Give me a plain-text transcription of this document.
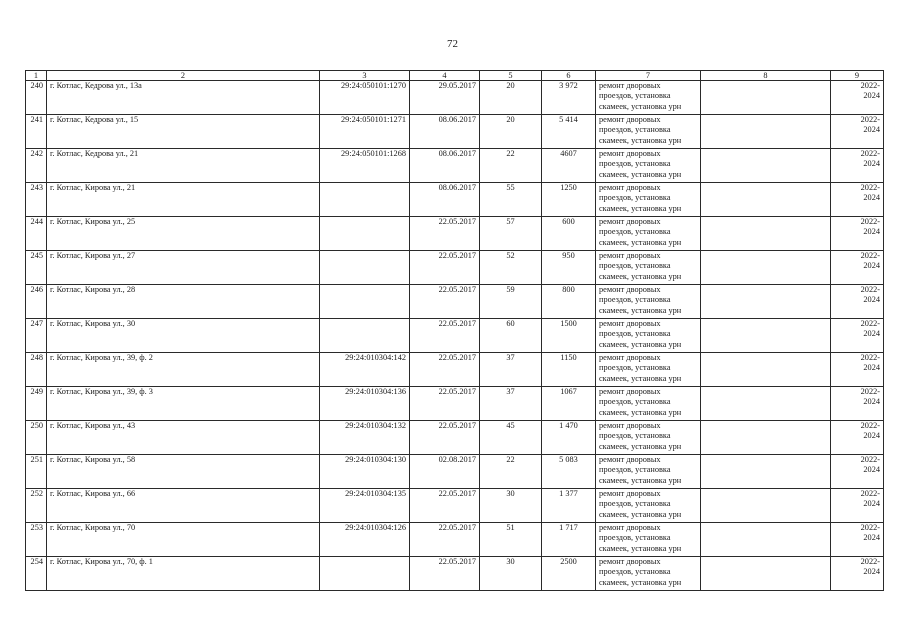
72
1	2	3	4	5	6	7	8	9
240	г. Котлас, Кедрова ул., 13а	29:24:050101:1270	29.05.2017	20	3 972	ремонт дворовых
проездов, установка
скамеек, установка урн		2022-
2024

241	г. Котлас, Кедрова ул., 15	29:24:050101:1271	08.06.2017	20	5 414	ремонт дворовых
проездов, установка
скамеек, установка урн		2022-
2024

242	г. Котлас, Кедрова ул., 21	29:24:050101:1268	08.06.2017	22	4607	ремонт дворовых
проездов, установка
скамеек, установка урн		2022-
2024

243	г. Котлас, Кирова ул., 21		08.06.2017	55	1250	ремонт дворовых
проездов, установка
скамеек, установка урн		2022-
2024

244	г. Котлас, Кирова ул., 25		22.05.2017	57	600	ремонт дворовых
проездов, установка
скамеек, установка урн		2022-
2024

245	г. Котлас, Кирова ул., 27		22.05.2017	52	950	ремонт дворовых
проездов, установка
скамеек, установка урн		2022-
2024

246	г. Котлас, Кирова ул., 28		22.05.2017	59	800	ремонт дворовых
проездов, установка
скамеек, установка урн		2022-
2024

247	г. Котлас, Кирова ул., 30		22.05.2017	60	1500	ремонт дворовых
проездов, установка
скамеек, установка урн		2022-
2024

248	г. Котлас, Кирова ул., 39, ф. 2	29:24:010304:142	22.05.2017	37	1150	ремонт дворовых
проездов, установка
скамеек, установка урн		2022-
2024

249	г. Котлас, Кирова ул., 39, ф. 3	29:24:010304:136	22.05.2017	37	1067	ремонт дворовых
проездов, установка
скамеек, установка урн		2022-
2024

250	г. Котлас, Кирова ул., 43	29:24:010304:132	22.05.2017	45	1 470	ремонт дворовых
проездов, установка
скамеек, установка урн		2022-
2024

251	г. Котлас, Кирова ул., 58	29:24:010304:130	02.08.2017	22	5 083	ремонт дворовых
проездов, установка
скамеек, установка урн		2022-
2024

252	г. Котлас, Кирова ул., 66	29:24:010304:135	22.05.2017	30	1 377	ремонт дворовых
проездов, установка
скамеек, установка урн		2022-
2024

253	г. Котлас, Кирова ул., 70	29:24:010304:126	22.05.2017	51	1 717	ремонт дворовых
проездов, установка
скамеек, установка урн		2022-
2024

254	г. Котлас, Кирова ул., 70, ф. 1		22.05.2017	30	2500	ремонт дворовых
проездов, установка
скамеек, установка урн		2022-
2024
